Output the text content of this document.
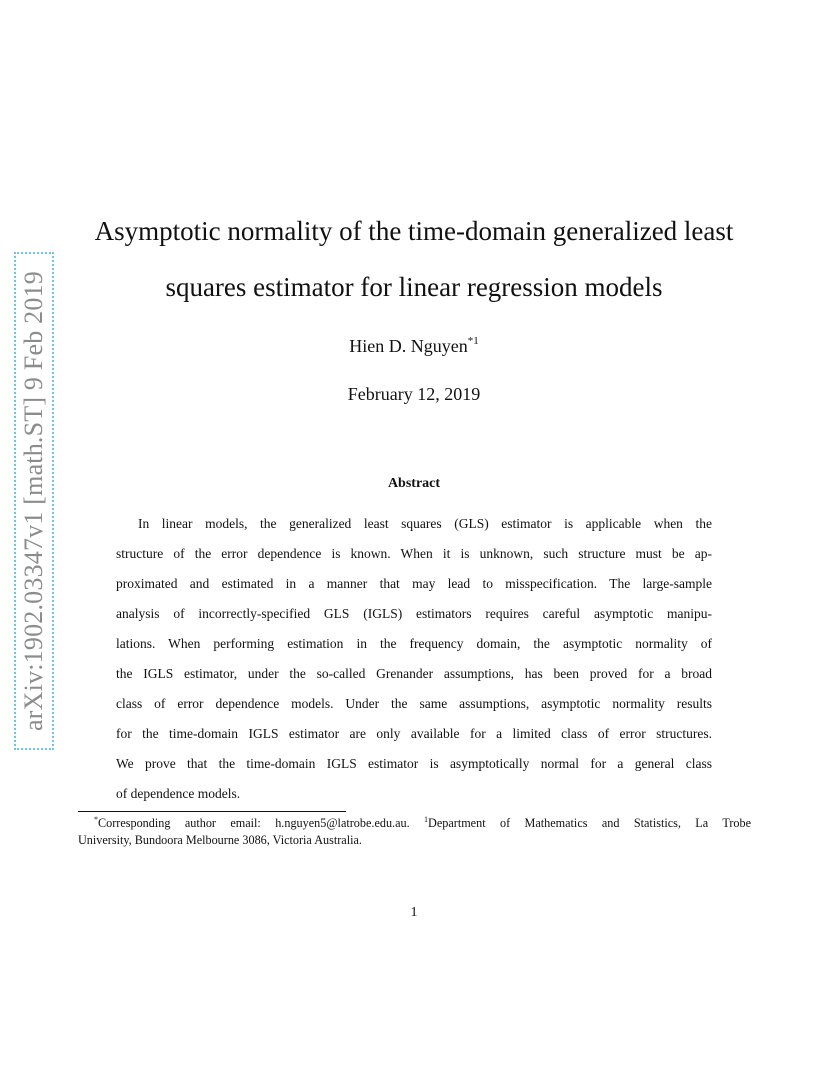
arXiv:1902.03347v1 [math.ST] 9 Feb 2019
Asymptotic normality of the time-domain generalized least
squares estimator for linear regression models
Hien D. Nguyen$^{*1}$
February 12, 2019
Abstract
In linear models, the generalized least squares (GLS) estimator is applicable when the
structure of the error dependence is known. When it is unknown, such structure must be ap-
proximated and estimated in a manner that may lead to misspecification. The large-sample
analysis of incorrectly-specified GLS (IGLS) estimators requires careful asymptotic manipu-
lations. When performing estimation in the frequency domain, the asymptotic normality of
the IGLS estimator, under the so-called Grenander assumptions, has been proved for a broad
class of error dependence models. Under the same assumptions, asymptotic normality results
for the time-domain IGLS estimator are only available for a limited class of error structures.
We prove that the time-domain IGLS estimator is asymptotically normal for a general class
of dependence models.
*Corresponding author email: h.nguyen5@latrobe.edu.au. $^1$Department of Mathematics and Statistics, La Trobe
University, Bundoora Melbourne 3086, Victoria Australia.
1
